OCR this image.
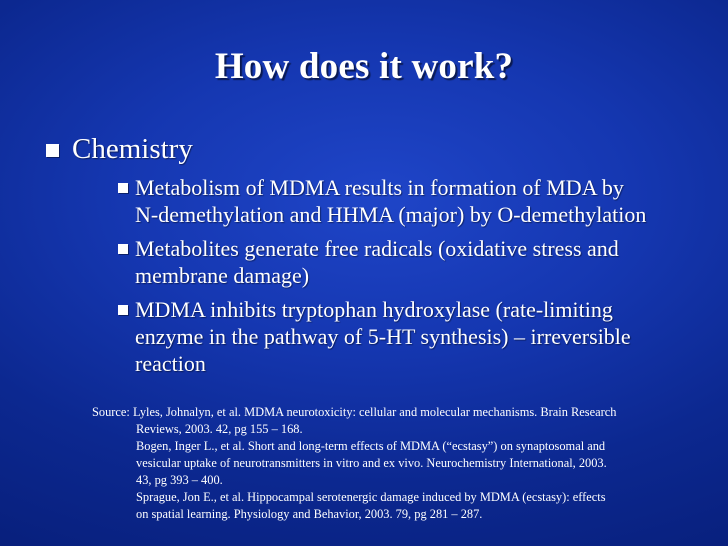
How does it work?
Chemistry
Metabolism of MDMA results in formation of MDA by
N-demethylation and HHMA (major) by O-demethylation
Metabolites generate free radicals (oxidative stress and
membrane damage)
MDMA inhibits tryptophan hydroxylase (rate-limiting
enzyme in the pathway of 5-HT synthesis) – irreversible
reaction
Source: Lyles, Johnalyn, et al. MDMA neurotoxicity: cellular and molecular mechanisms. Brain Research
Reviews, 2003. 42, pg 155 – 168.
Bogen, Inger L., et al. Short and long-term effects of MDMA (“ecstasy”) on synaptosomal and
vesicular uptake of neurotransmitters in vitro and ex vivo. Neurochemistry International, 2003.
43, pg 393 – 400.
Sprague, Jon E., et al. Hippocampal serotenergic damage induced by MDMA (ecstasy): effects
on spatial learning. Physiology and Behavior, 2003. 79, pg 281 – 287.
